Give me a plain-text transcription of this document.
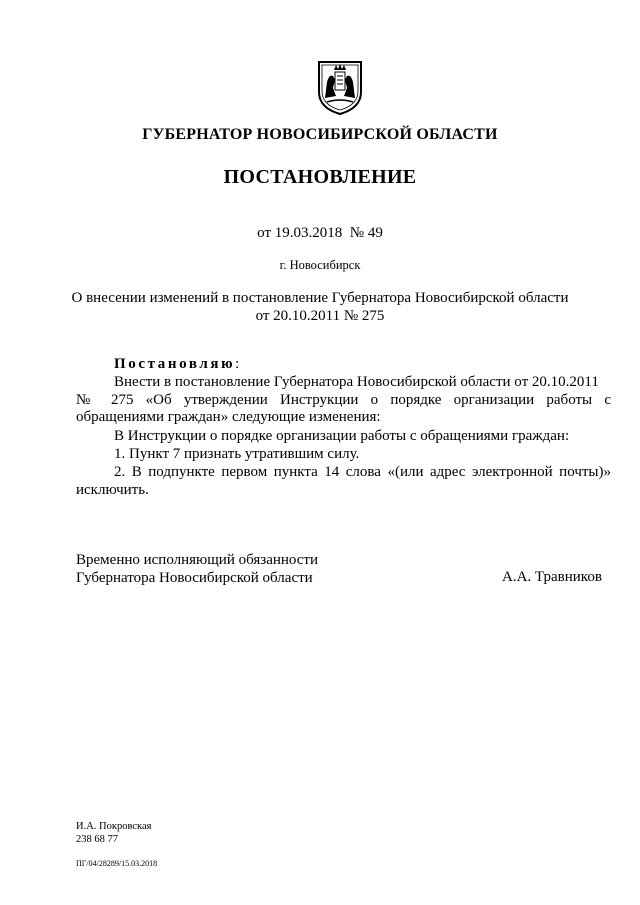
ГУБЕРНАТОР НОВОСИБИРСКОЙ ОБЛАСТИ
ПОСТАНОВЛЕНИЕ
от 19.03.2018  № 49
г. Новосибирск
О внесении изменений в постановление Губернатора Новосибирской области
от 20.10.2011 № 275
Постановляю:
Внести в постановление Губернатора Новосибирской области от 20.10.2011
№ 275 «Об утверждении Инструкции о порядке организации работы с обращениями граждан» следующие изменения:
В Инструкции о порядке организации работы с обращениями граждан:
1. Пункт 7 признать утратившим силу.
2. В подпункте первом пункта 14 слова «(или адрес электронной почты)» исключить.
Временно исполняющий обязанности
Губернатора Новосибирской области	А.А. Травников
И.А. Покровская
238 68 77
ПГ/04/28289/15.03.2018
